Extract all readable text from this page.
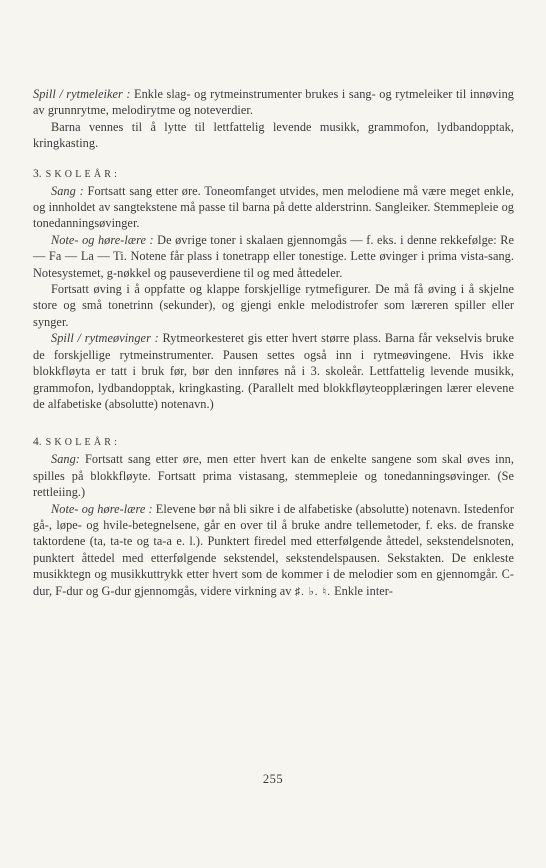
Spill / rytmeleiker : Enkle slag- og rytmeinstrumenter brukes i sang- og rytmeleiker til innøving av grunnrytme, melodirytme og noteverdier.

Barna vennes til å lytte til lettfattelig levende musikk, grammofon, lydbandopptak, kringkasting.

3. SKOLEÅR:

Sang : Fortsatt sang etter øre. Toneomfanget utvides, men melodiene må være meget enkle, og innholdet av sangtekstene må passe til barna på dette alderstrinn. Sangleiker. Stemmepleie og tonedanningsøvinger.

Note- og høre-lære : De øvrige toner i skalaen gjennomgås — f. eks. i denne rekkefølge: Re — Fa — La — Ti. Notene får plass i tonetrapp eller tonestige. Lette øvinger i prima vista-sang. Notesystemet, g-nøkkel og pauseverdiene til og med åttedeler.

Fortsatt øving i å oppfatte og klappe forskjellige rytmefigurer. De må få øving i å skjelne store og små tonetrinn (sekunder), og gjengi enkle melodistrofer som læreren spiller eller synger.

Spill / rytmeøvinger : Rytmeorkesteret gis etter hvert større plass. Barna får vekselvis bruke de forskjellige rytmeinstrumenter. Pausen settes også inn i rytmeøvingene. Hvis ikke blokkfløyta er tatt i bruk før, bør den innføres nå i 3. skoleår. Lettfattelig levende musikk, grammofon, lydbandopptak, kringkasting. (Parallelt med blokkfløyteopplæringen lærer elevene de alfabetiske (absolutte) notenavn.)

4. SKOLEÅR:

Sang: Fortsatt sang etter øre, men etter hvert kan de enkelte sangene som skal øves inn, spilles på blokkfløyte. Fortsatt prima vistasang, stemmepleie og tonedanningsøvinger. (Se rettleiing.)

Note- og høre-lære : Elevene bør nå bli sikre i de alfabetiske (absolutte) notenavn. Istedenfor gå-, løpe- og hvile-betegnelsene, går en over til å bruke andre tellemetoder, f. eks. de franske taktordene (ta, ta-te og ta-a e. l.). Punktert firedel med etterfølgende åttedel, sekstendelsnoten, punktert åttedel med etterfølgende sekstendel, sekstendelspausen. Sekstakten. De enkleste musikktegn og musikkuttrykk etter hvert som de kommer i de melodier som en gjennomgår. C-dur, F-dur og G-dur gjennomgås, videre virkning av ♯. ♭. ♮. Enkle inter-

255
